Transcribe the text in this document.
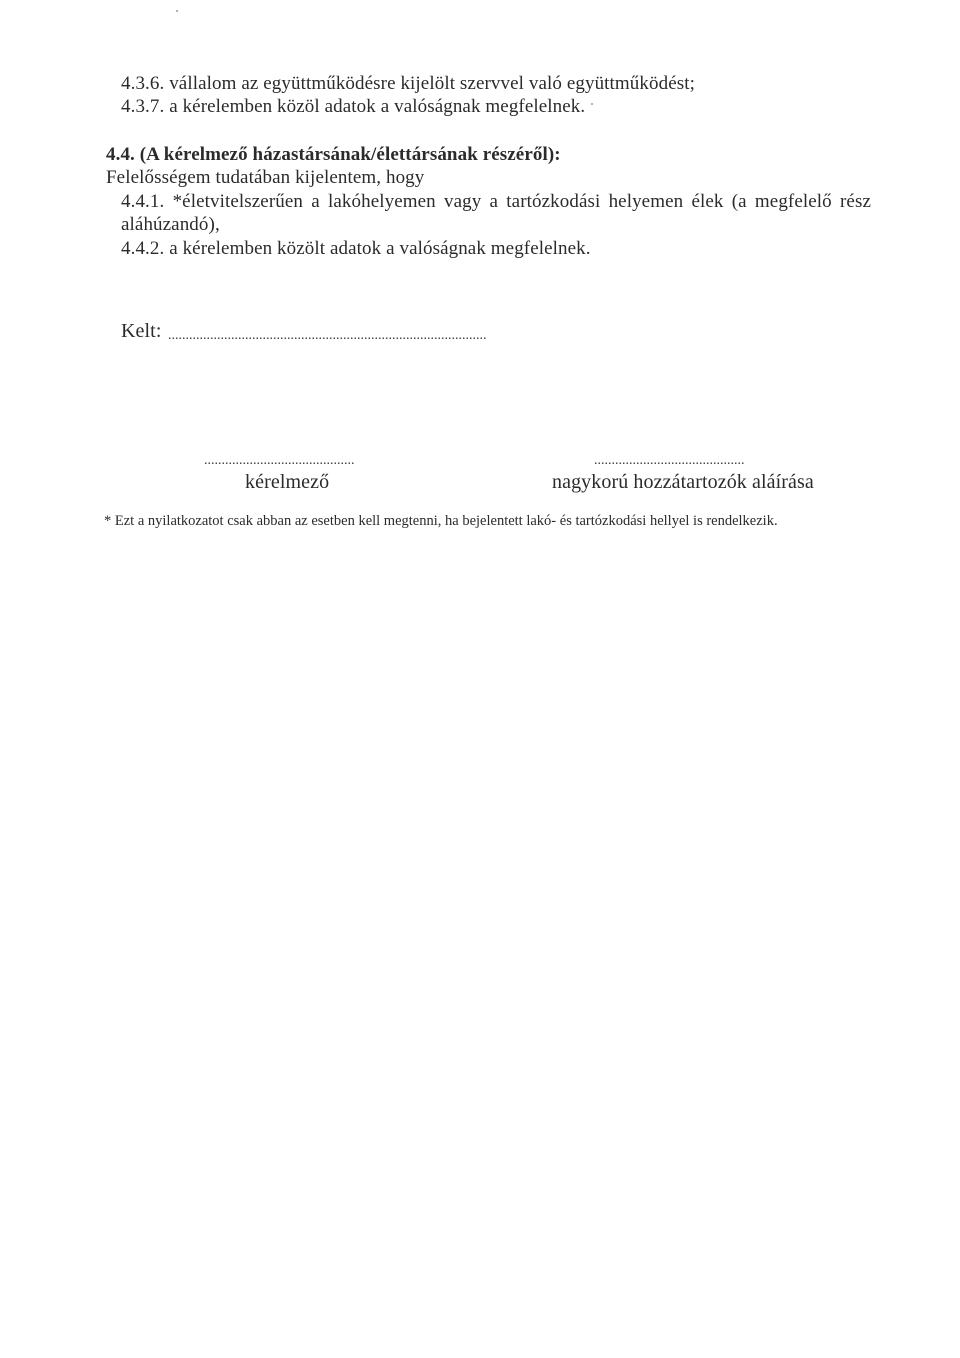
4.3.6. vállalom az együttműködésre kijelölt szervvel való együttműködést;
4.3.7. a kérelemben közöl adatok a valóságnak megfelelnek.
4.4. (A kérelmező házastársának/élettársának részéről):
Felelősségem tudatában kijelentem, hogy
4.4.1. *életvitelszerűen a lakóhelyemen vagy a tartózkodási helyemen élek (a megfelelő rész
aláhúzandó),
4.4.2. a kérelemben közölt adatok a valóságnak megfelelnek.
Kelt: ...........................................................................................
...........................................
kérelmező
...........................................
nagykorú hozzátartozók aláírása
* Ezt a nyilatkozatot csak abban az esetben kell megtenni, ha bejelentett lakó- és tartózkodási hellyel is rendelkezik.
